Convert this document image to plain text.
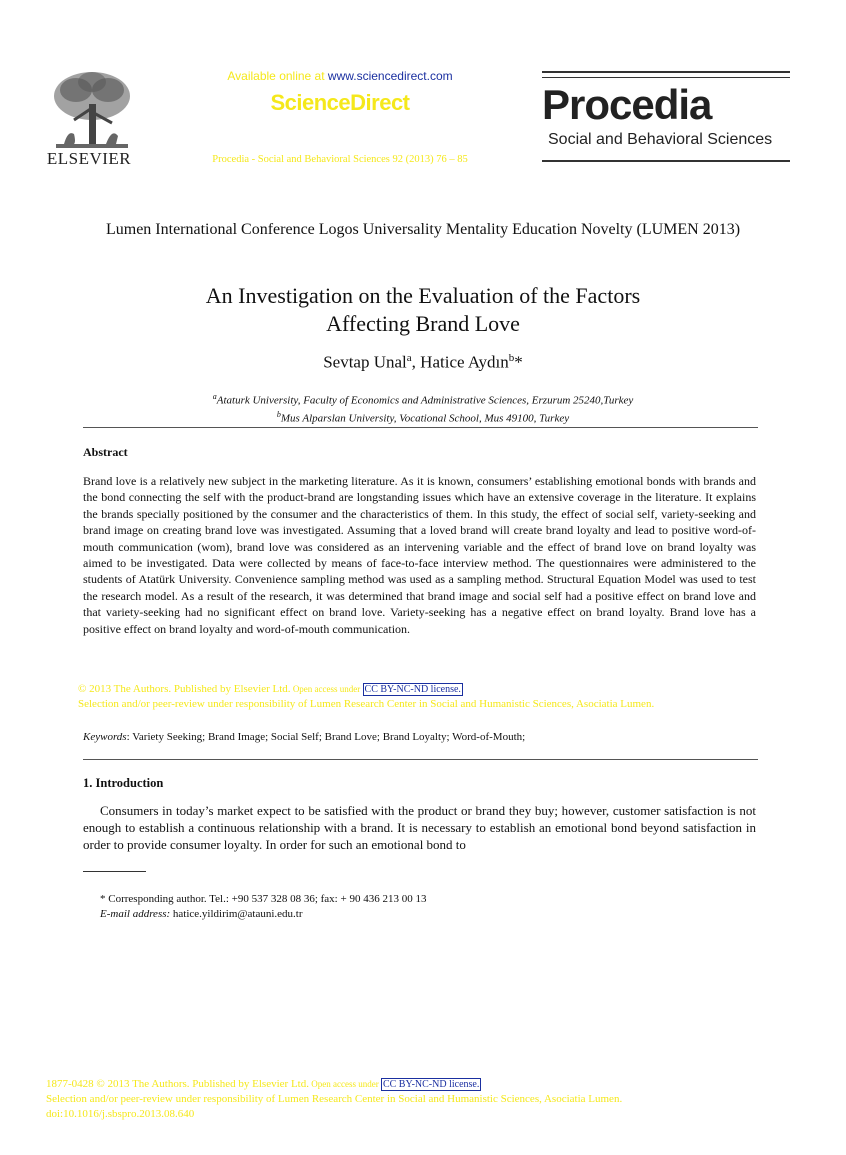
ELSEVIER
Available online at www.sciencedirect.com
ScienceDirect
Procedia - Social and Behavioral Sciences 92 (2013) 76 – 85
Procedia
Social and Behavioral Sciences
Lumen International Conference Logos Universality Mentality Education Novelty (LUMEN 2013)
An Investigation on the Evaluation of the Factors
Affecting Brand Love
Sevtap Unal$^a$, Hatice Aydın$^b$*
$^a$Ataturk University, Faculty of Economics and Administrative Sciences, Erzurum 25240,Turkey
$^b$Mus Alparslan University, Vocational School, Mus 49100, Turkey
Abstract
Brand love is a relatively new subject in the marketing literature. As it is known, consumers’ establishing emotional bonds with brands and the bond connecting the self with the product-brand are longstanding issues which have an extensive coverage in the literature. It explains the brands specially positioned by the consumer and the characteristics of them. In this study, the effect of social self, variety-seeking and brand image on creating brand love was investigated. Assuming that a loved brand will create brand loyalty and lead to positive word-of-mouth communication (wom), brand love was considered as an intervening variable and the effect of brand love on brand loyalty was aimed to be investigated. Data were collected by means of face-to-face interview method. The questionnaires were administered to the students of Atatürk University. Convenience sampling method was used as a sampling method. Structural Equation Model was used to test the research model. As a result of the research, it was determined that brand image and social self had a positive effect on brand love and that variety-seeking had no significant effect on brand love. Variety-seeking has a negative effect on brand loyalty. Brand love has a positive effect on brand loyalty and word-of-mouth communication.
© 2013 The Authors. Published by Elsevier Ltd. Open access under CC BY-NC-ND license.
Selection and/or peer-review under responsibility of Lumen Research Center in Social and Humanistic Sciences, Asociatia Lumen.
Keywords: Variety Seeking; Brand Image; Social Self; Brand Love; Brand Loyalty; Word-of-Mouth;
1. Introduction
Consumers in today’s market expect to be satisfied with the product or brand they buy; however, customer satisfaction is not enough to establish a continuous relationship with a brand. It is necessary to establish an emotional bond beyond satisfaction in order to provide consumer loyalty. In order for such an emotional bond to
* Corresponding author. Tel.: +90 537 328 08 36; fax: + 90 436 213 00 13
E-mail address: hatice.yildirim@atauni.edu.tr
1877-0428 © 2013 The Authors. Published by Elsevier Ltd. Open access under CC BY-NC-ND license.
Selection and/or peer-review under responsibility of Lumen Research Center in Social and Humanistic Sciences, Asociatia Lumen.
doi:10.1016/j.sbspro.2013.08.640
